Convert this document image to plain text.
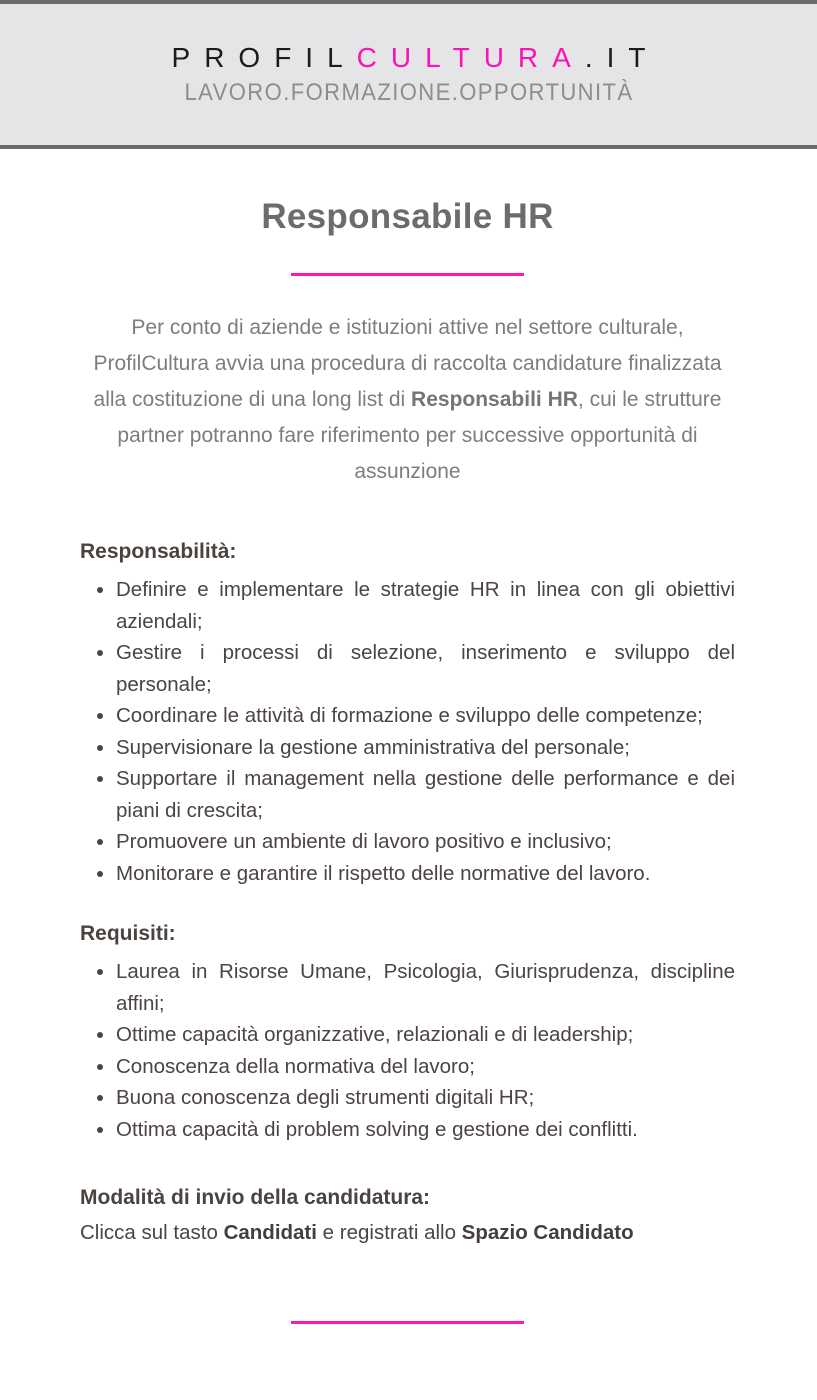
PROFILCULTURA.IT
LAVORO.FORMAZIONE.OPPORTUNITÀ
Responsabile HR

Per conto di aziende e istituzioni attive nel settore culturale, ProfilCultura avvia una procedura di raccolta candidature finalizzata alla costituzione di una long list di Responsabili HR, cui le strutture partner potranno fare riferimento per successive opportunità di assunzione

Responsabilità:
• Definire e implementare le strategie HR in linea con gli obiettivi aziendali;
• Gestire i processi di selezione, inserimento e sviluppo del personale;
• Coordinare le attività di formazione e sviluppo delle competenze;
• Supervisionare la gestione amministrativa del personale;
• Supportare il management nella gestione delle performance e dei piani di crescita;
• Promuovere un ambiente di lavoro positivo e inclusivo;
• Monitorare e garantire il rispetto delle normative del lavoro.
Requisiti:
• Laurea in Risorse Umane, Psicologia, Giurisprudenza, discipline affini;
• Ottime capacità organizzative, relazionali e di leadership;
• Conoscenza della normativa del lavoro;
• Buona conoscenza degli strumenti digitali HR;
• Ottima capacità di problem solving e gestione dei conflitti.
Modalità di invio della candidatura:

Clicca sul tasto Candidati e registrati allo Spazio Candidato
